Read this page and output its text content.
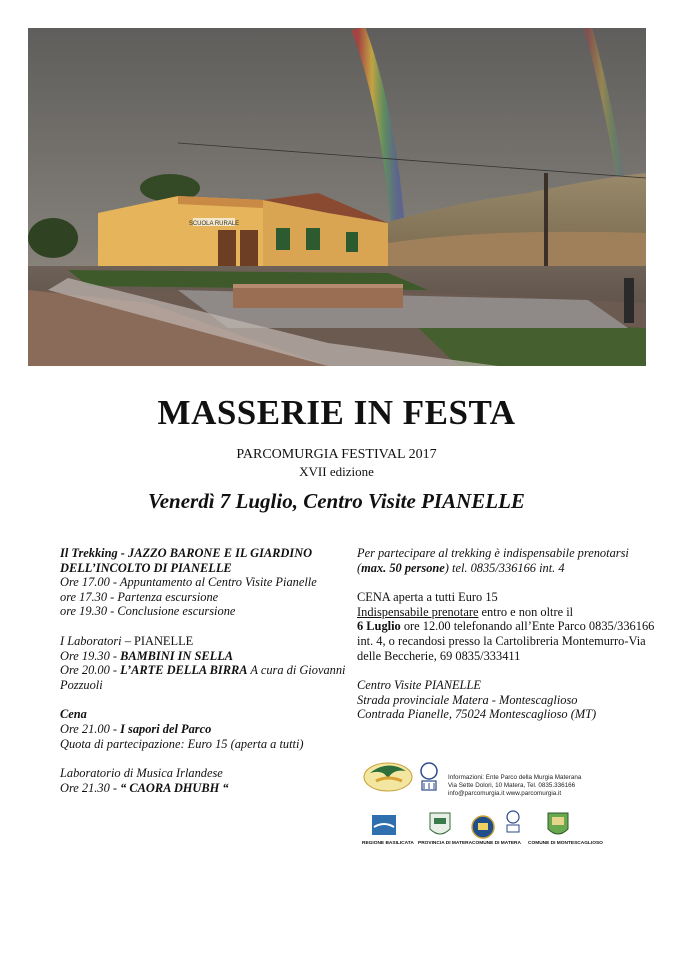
SCUOLA RURALE
MASSERIE IN FESTA
PARCOMURGIA FESTIVAL 2017
XVII edizione
Venerdì 7 Luglio, Centro Visite PIANELLE
Il Trekking - JAZZO BARONE E IL GIARDINO DELL’INCOLTO DI PIANELLE
Ore 17.00 - Appuntamento al Centro Visite Pianelle
ore 17.30 - Partenza escursione
ore 19.30 - Conclusione escursione
I Laboratori – PIANELLE
Ore 19.30 - BAMBINI IN SELLA
Ore 20.00 - L’ARTE DELLA BIRRA A cura di Giovanni Pozzuoli
Cena
Ore 21.00 - I sapori del Parco
Quota di partecipazione: Euro 15 (aperta a tutti)
Laboratorio di Musica Irlandese
Ore 21.30 - “ CAORA DHUBH “
Per partecipare al trekking è indispensabile prenotarsi (max. 50 persone) tel. 0835/336166 int. 4
CENA aperta a tutti Euro 15
Indispensabile prenotare entro e non oltre il
6 Luglio ore 12.00 telefonando all’Ente Parco 0835/336166 int. 4, o recandosi presso la Cartolibreria Montemurro-Via delle Beccherie, 69 0835/333411
Centro Visite PIANELLE
Strada provinciale Matera - Montescaglioso
Contrada Pianelle, 75024 Montescaglioso (MT)
Informazioni: Ente Parco della Murgia Materana
Via Sette Dolori, 10 Matera, Tel. 0835.336166
info@parcomurgia.it www.parcomurgia.it
REGIONE BASILICATA PROVINCIA DI MATERA COMUNE DI MATERA COMUNE DI MONTESCAGLIOSO
